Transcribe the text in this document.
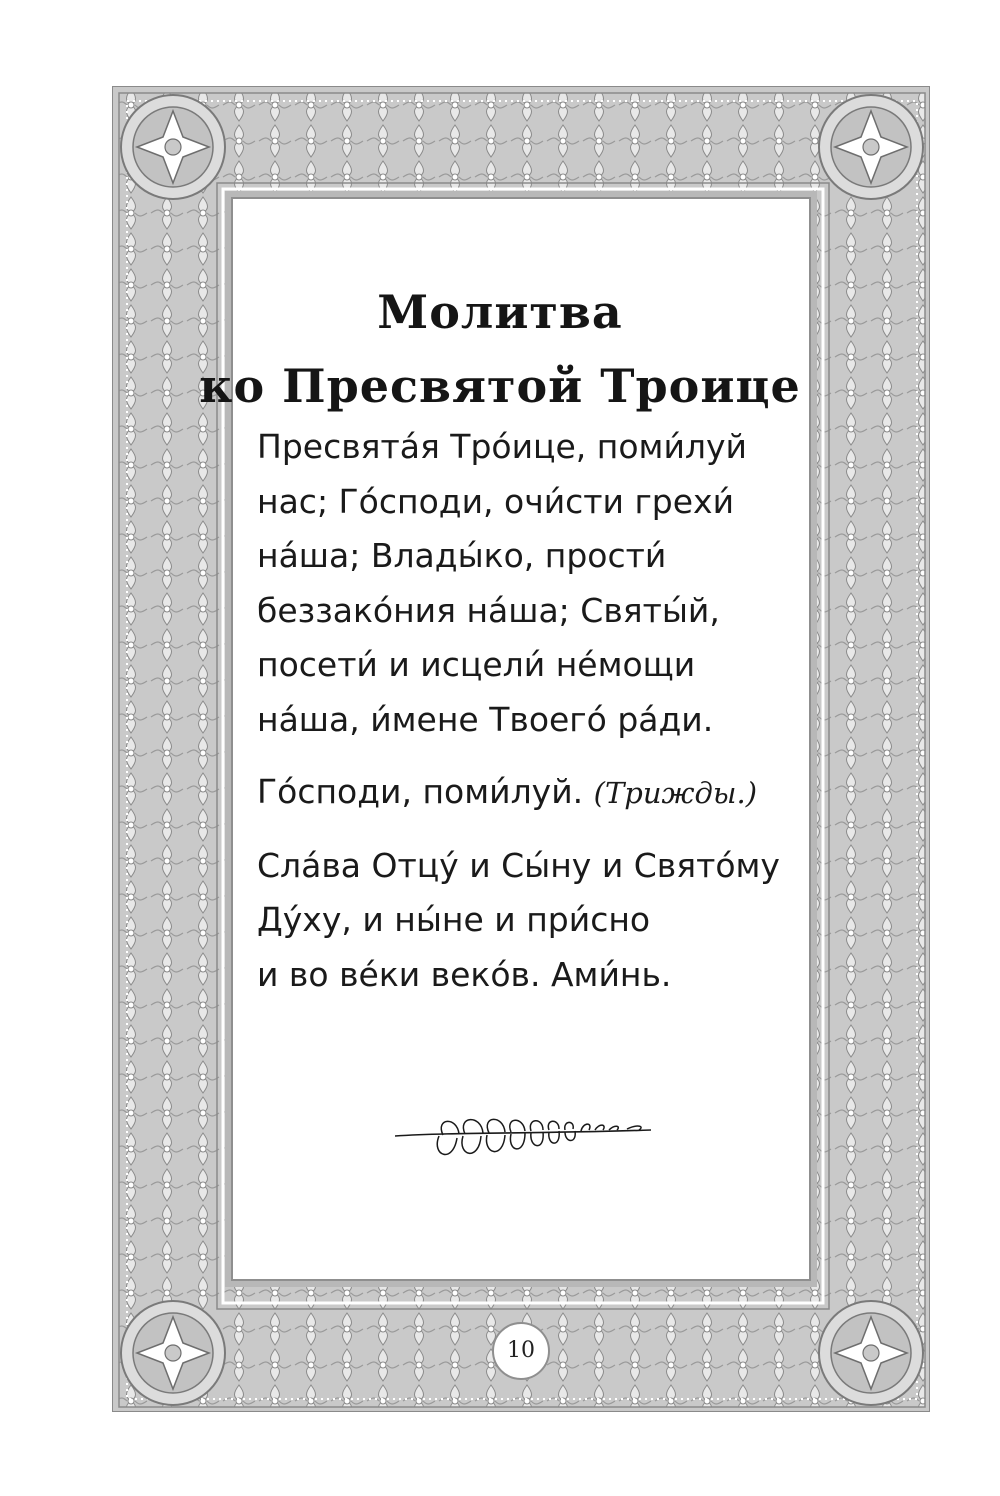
Молитва
ко Пресвятой Троице

Пресвята́я Тро́ице, поми́луй
нас; Го́споди, очи́сти грехи́
на́ша; Влады́ко, прости́
беззако́ния на́ша; Святы́й,
посети́ и исцели́ не́мощи
на́ша, и́мене Твоего́ ра́ди.

Го́споди, поми́луй. (Трижды.)

Сла́ва Отцу́ и Сы́ну и Свято́му
Ду́ху, и ны́не и при́сно
и во ве́ки веко́в. Ами́нь.

10
